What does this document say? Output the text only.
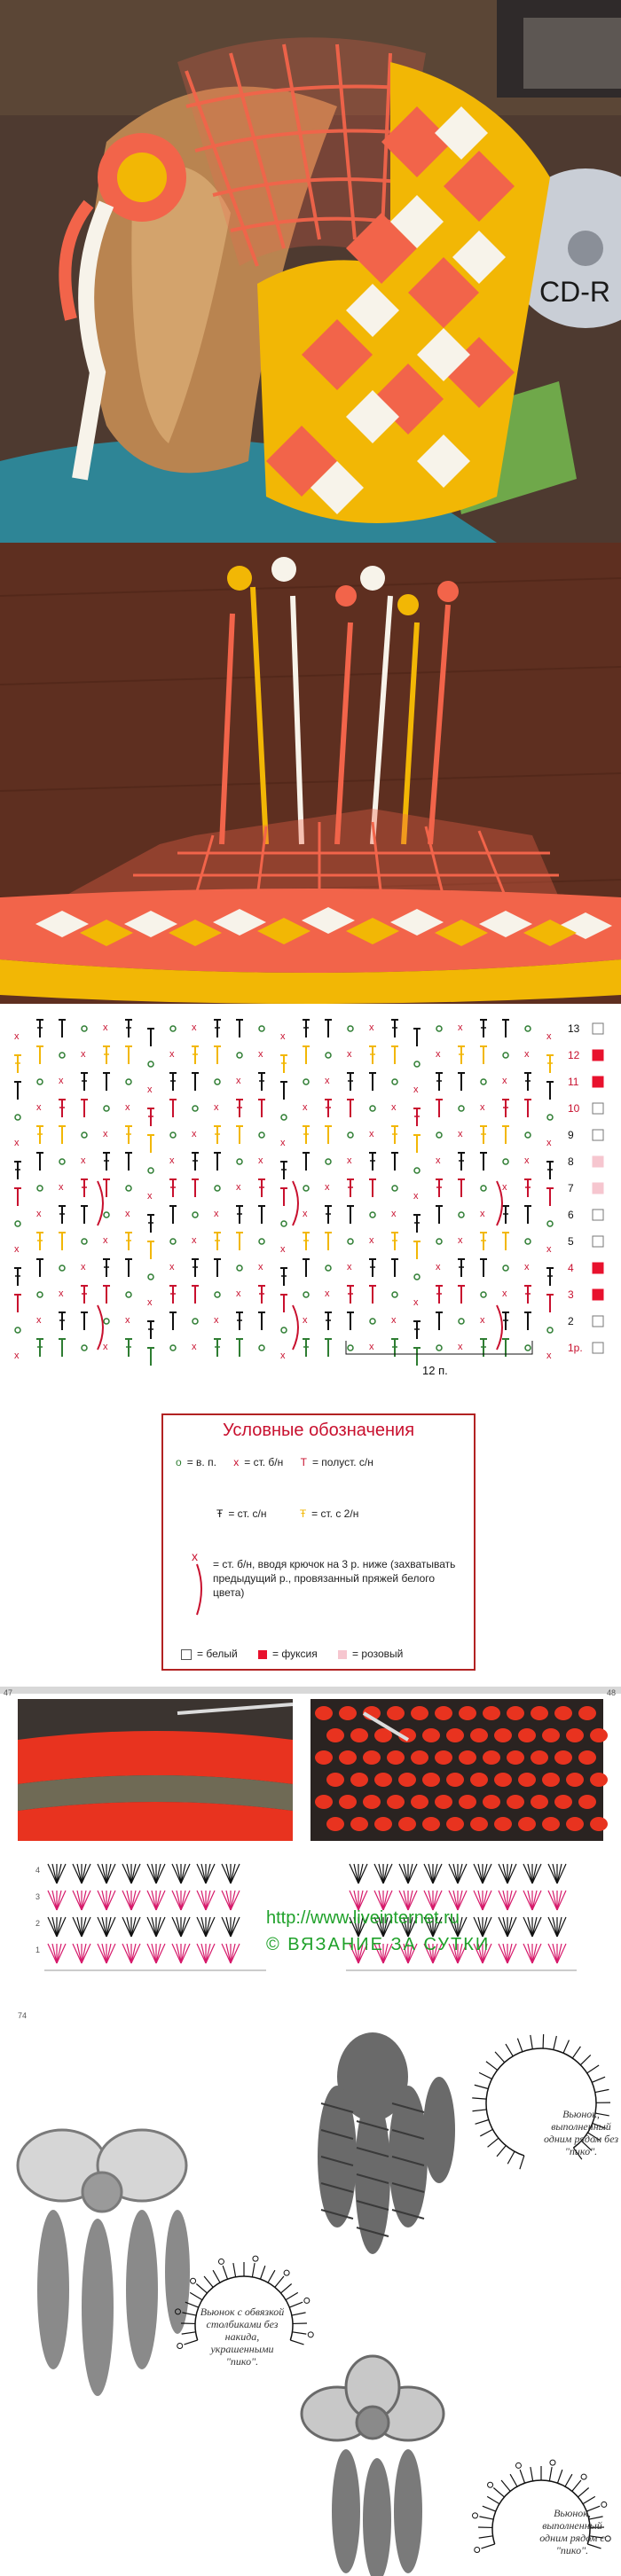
CD-R
x
x	x
x
x	x
x
x	x	x	x	x	x
x
x
x	x
x
x
x	x	x	x	x	x
x
x	x
x
x	x
x
x	x	x	x	x	x
x
x
x	x
x
x
x	x	x	x	x	x
x
x	x
x
x	x
x
x	x	x	x	x	x
x
x
x	x
x
x
x	x	x	x	x	x
x
x	x
x
x	x
x
12 п.
13
12
11
10
9
8
7
6
5
4
3
2
1р.
Условные обозначения
o = в. п. x = ст. б/н T = полуст. с/н
Ŧ = ст. с/н	Ŧ = ст. с 2/н
x
= ст. б/н, вводя крючок на 3 р. ниже (захватывать предыдущий р., провязанный пряжей белого цвета)
= белый	= фуксия	= розовый
4
3
2
1
47	48
74
http://www.liveinternet.ru
© ВЯЗАНИЕ ЗА СУТКИ
Вьюнок, выполненный одним рядом без "пико".
Вьюнок с обвязкой столбиками без накида, украшенными "пико".
Вьюнок, выполненный одним рядом с "пико".
